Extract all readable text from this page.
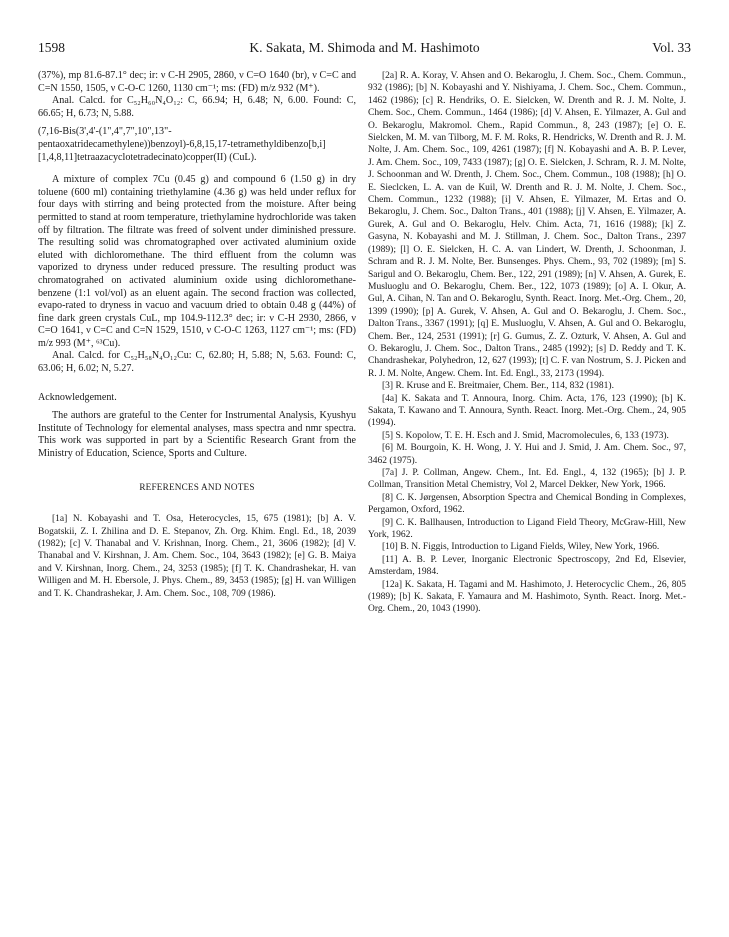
1598	K. Sakata, M. Shimoda and M. Hashimoto	Vol. 33

(37%), mp 81.6-87.1° dec; ir: ν C-H 2905, 2860, ν C=O 1640 (br), ν C=C and C=N 1550, 1505, ν C-O-C 1260, 1130 cm⁻¹; ms: (FD) m/z 932 (M⁺).

Anal. Calcd. for C₅₂H₆₀N₄O₁₂: C, 66.94; H, 6.48; N, 6.00. Found: C, 66.65; H, 6.73; N, 5.88.

(7,16-Bis(3',4'-(1",4",7",10",13"-pentaoxatridecamethylene))benzoyl)-6,8,15,17-tetramethyldibenzo[b,i][1,4,8,11]tetraazacyclotetradecinato)copper(II) (CuL).

A mixture of complex 7Cu (0.45 g) and compound 6 (1.50 g) in dry toluene (600 ml) containing triethylamine (4.36 g) was held under reflux for four days with stirring and being protected from the moisture. After being permitted to stand at room temperature, triethylamine hydrochloride was taken off by filtration. The filtrate was freed of solvent under diminished pressure. The resulting solid was chromatographed over activated aluminium oxide eluted with dichloromethane. The third effluent from the column was vaporized to dryness under reduced pressure. The resulting product was chromatograhed on activated aluminium oxide using dichloromethane-benzene (1:1 vol/vol) as an eluent again. The second fraction was collected, evapo-rated to dryness in vacuo and vacuum dried to obtain 0.48 g (44%) of fine dark green crystals CuL, mp 104.9-112.3° dec; ir: ν C-H 2930, 2866, ν C=O 1641, ν C=C and C=N 1529, 1510, ν C-O-C 1263, 1127 cm⁻¹; ms: (FD) m/z 993 (M⁺, ⁶³Cu).

Anal. Calcd. for C₅₂H₅₈N₄O₁₂Cu: C, 62.80; H, 5.88; N, 5.63. Found: C, 63.06; H, 6.02; N, 5.27.

Acknowledgement.

The authors are grateful to the Center for Instrumental Analysis, Kyushyu Institute of Technology for elemental analyses, mass spectra and nmr spectra. This work was supported in part by a Scientific Research Grant from the Ministry of Education, Science, Sports and Culture.

REFERENCES AND NOTES

[1a] N. Kobayashi and T. Osa, Heterocycles, 15, 675 (1981); [b] A. V. Bogatskii, Z. I. Zhilina and D. E. Stepanov, Zh. Org. Khim. Engl. Ed., 18, 2039 (1982); [c] V. Thanabal and V. Krishnan, Inorg. Chem., 21, 3606 (1982); [d] V. Thanabal and V. Kirshnan, J. Am. Chem. Soc., 104, 3643 (1982); [e] G. B. Maiya and V. Kirshnan, Inorg. Chem., 24, 3253 (1985); [f] T. K. Chandrashekar, H. van Willigen and M. H. Ebersole, J. Phys. Chem., 89, 3453 (1985); [g] H. van Willigen and T. K. Chandrashekar, J. Am. Chem. Soc., 108, 709 (1986).

[2a] R. A. Koray, V. Ahsen and O. Bekaroglu, J. Chem. Soc., Chem. Commun., 932 (1986); [b] N. Kobayashi and Y. Nishiyama, J. Chem. Soc., Chem. Commun., 1462 (1986); [c] R. Hendriks, O. E. Sielcken, W. Drenth and R. J. M. Nolte, J. Chem. Soc., Chem. Commun., 1464 (1986); [d] V. Ahsen, E. Yilmazer, A. Gul and O. Bekaroglu, Makromol. Chem., Rapid Commun., 8, 243 (1987); [e] O. E. Sielcken, M. M. van Tilborg, M. F. M. Roks, R. Hendricks, W. Drenth and R. J. M. Nolte, J. Am. Chem. Soc., 109, 4261 (1987); [f] N. Kobayashi and A. B. P. Lever, J. Am. Chem. Soc., 109, 7433 (1987); [g] O. E. Sielcken, J. Schram, R. J. M. Nolte, J. Schoonman and W. Drenth, J. Chem. Soc., Chem. Commun., 108 (1988); [h] O. E. Sieclcken, L. A. van de Kuil, W. Drenth and R. J. M. Nolte, J. Chem. Soc., Chem. Commun., 1232 (1988); [i] V. Ahsen, E. Yilmazer, M. Ertas and O. Bekaroglu, J. Chem. Soc., Dalton Trans., 401 (1988); [j] V. Ahsen, E. Yilmazer, A. Gurek, A. Gul and O. Bekaroglu, Helv. Chim. Acta, 71, 1616 (1988); [k] Z. Gasyna, N. Kobayashi and M. J. Stillman, J. Chem. Soc., Dalton Trans., 2397 (1989); [l] O. E. Sielcken, H. C. A. van Lindert, W. Drenth, J. Schoonman, J. Schram and R. J. M. Nolte, Ber. Bunsenges. Phys. Chem., 93, 702 (1989); [m] S. Sarigul and O. Bekaroglu, Chem. Ber., 122, 291 (1989); [n] V. Ahsen, A. Gurek, E. Musluoglu and O. Bekaroglu, Chem. Ber., 122, 1073 (1989); [o] A. I. Okur, A. Gul, A. Cihan, N. Tan and O. Bekaroglu, Synth. React. Inorg. Met.-Org. Chem., 20, 1399 (1990); [p] A. Gurek, V. Ahsen, A. Gul and O. Bekaroglu, J. Chem. Soc., Dalton Trans., 3367 (1991); [q] E. Musluoglu, V. Ahsen, A. Gul and O. Bekaroglu, Chem. Ber., 124, 2531 (1991); [r] G. Gumus, Z. Z. Ozturk, V. Ahsen, A. Gul and O. Bekaroglu, J. Chem. Soc., Dalton Trans., 2485 (1992); [s] D. Reddy and T. K. Chandrashekar, Polyhedron, 12, 627 (1993); [t] C. F. van Nostrum, S. J. Picken and R. J. M. Nolte, Angew. Chem. Int. Ed. Engl., 33, 2173 (1994).

[3] R. Kruse and E. Breitmaier, Chem. Ber., 114, 832 (1981).

[4a] K. Sakata and T. Annoura, Inorg. Chim. Acta, 176, 123 (1990); [b] K. Sakata, T. Kawano and T. Annoura, Synth. React. Inorg. Met.-Org. Chem., 24, 905 (1994).

[5] S. Kopolow, T. E. H. Esch and J. Smid, Macromolecules, 6, 133 (1973).

[6] M. Bourgoin, K. H. Wong, J. Y. Hui and J. Smid, J. Am. Chem. Soc., 97, 3462 (1975).

[7a] J. P. Collman, Angew. Chem., Int. Ed. Engl., 4, 132 (1965); [b] J. P. Collman, Transition Metal Chemistry, Vol 2, Marcel Dekker, New York, 1966.

[8] C. K. Jørgensen, Absorption Spectra and Chemical Bonding in Complexes, Pergamon, Oxford, 1962.

[9] C. K. Ballhausen, Introduction to Ligand Field Theory, McGraw-Hill, New York, 1962.

[10] B. N. Figgis, Introduction to Ligand Fields, Wiley, New York, 1966.

[11] A. B. P. Lever, Inorganic Electronic Spectroscopy, 2nd Ed, Elsevier, Amsterdam, 1984.

[12a] K. Sakata, H. Tagami and M. Hashimoto, J. Heterocyclic Chem., 26, 805 (1989); [b] K. Sakata, F. Yamaura and M. Hashimoto, Synth. React. Inorg. Met.-Org. Chem., 20, 1043 (1990).
